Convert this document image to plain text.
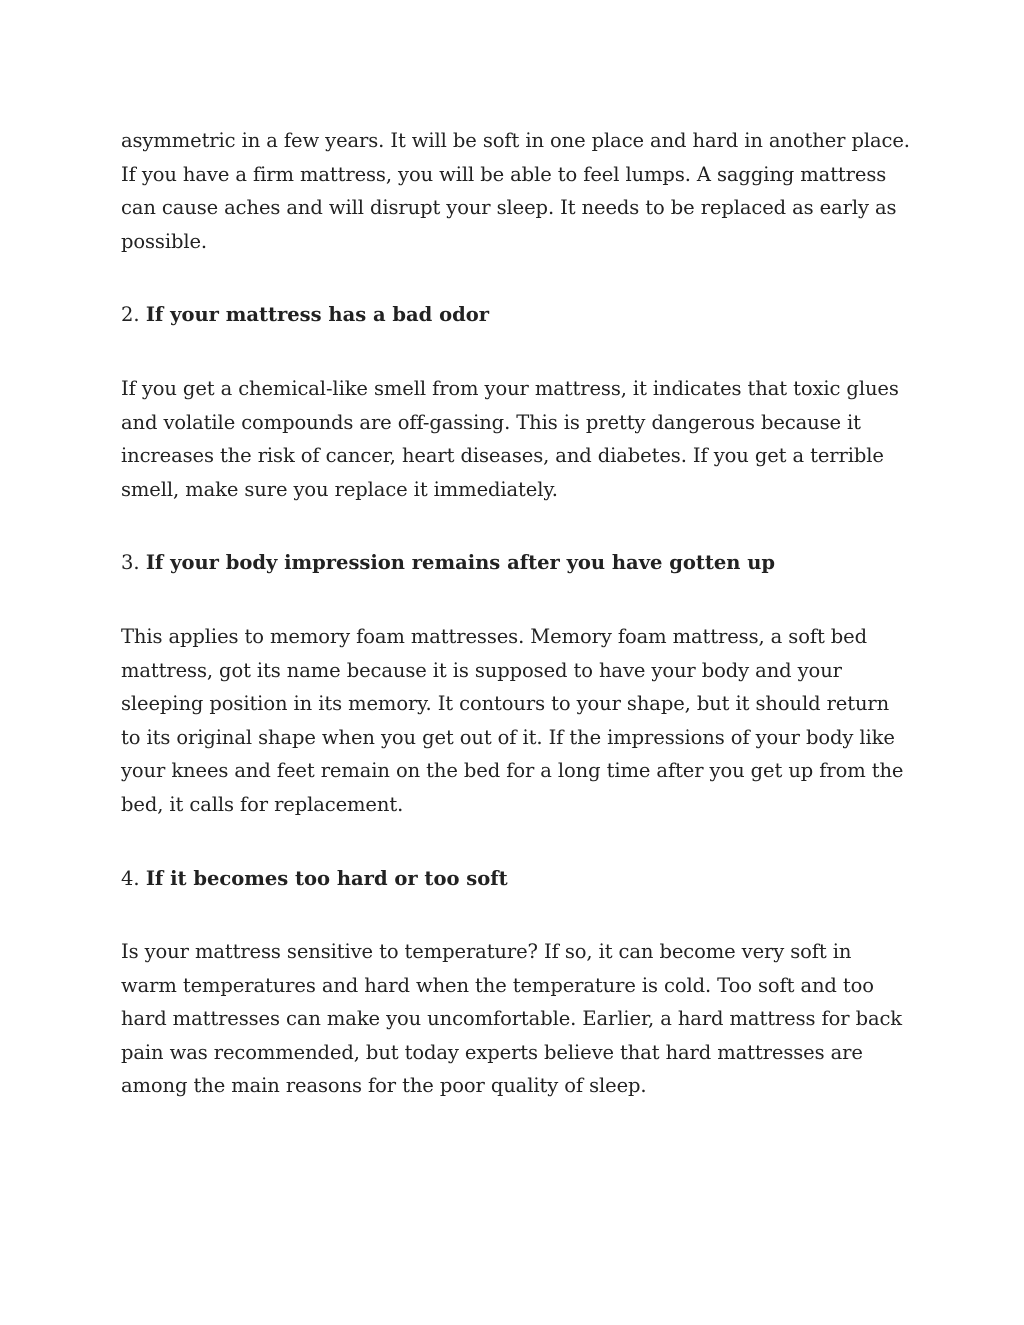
asymmetric in a few years. It will be soft in one place and hard in another place. If you have a firm mattress, you will be able to feel lumps. A sagging mattress can cause aches and will disrupt your sleep. It needs to be replaced as early as possible.

2. If your mattress has a bad odor

If you get a chemical-like smell from your mattress, it indicates that toxic glues and volatile compounds are off-gassing. This is pretty dangerous because it increases the risk of cancer, heart diseases, and diabetes. If you get a terrible smell, make sure you replace it immediately.

3. If your body impression remains after you have gotten up

This applies to memory foam mattresses. Memory foam mattress, a soft bed mattress, got its name because it is supposed to have your body and your sleeping position in its memory. It contours to your shape, but it should return to its original shape when you get out of it. If the impressions of your body like your knees and feet remain on the bed for a long time after you get up from the bed, it calls for replacement.

4. If it becomes too hard or too soft

Is your mattress sensitive to temperature? If so, it can become very soft in warm temperatures and hard when the temperature is cold. Too soft and too hard mattresses can make you uncomfortable. Earlier, a hard mattress for back pain was recommended, but today experts believe that hard mattresses are among the main reasons for the poor quality of sleep.
